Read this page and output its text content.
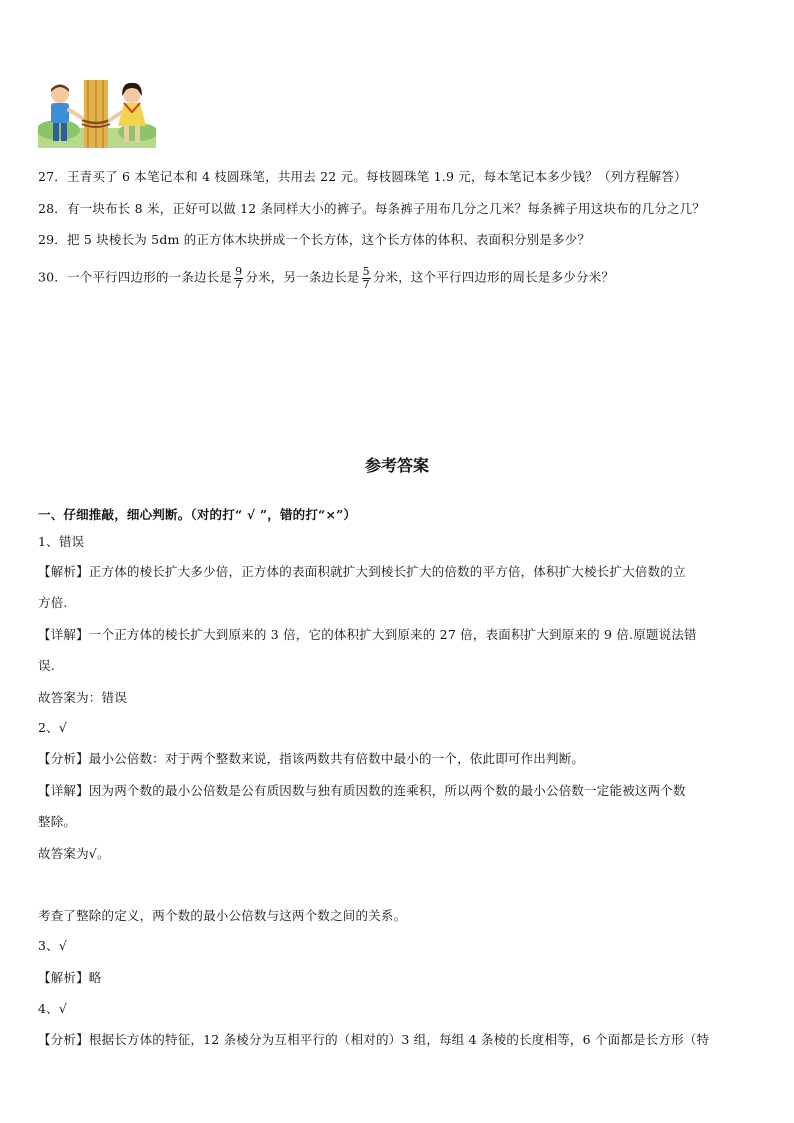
27．王青买了 6 本笔记本和 4 枝圆珠笔，共用去 22 元。每枝圆珠笔 1.9 元，每本笔记本多少钱？（列方程解答）
28．有一块布长 8 米，正好可以做 12 条同样大小的裤子。每条裤子用布几分之几米？每条裤子用这块布的几分之几？
29．把 5 块棱长为 5dm 的正方体木块拼成一个长方体，这个长方体的体积、表面积分别是多少？
30．一个平行四边形的一条边长是 $\frac{9}{7}$ 分米，另一条边长是 $\frac{5}{7}$ 分米，这个平行四边形的周长是多少分米？
参考答案
一、仔细推敲，细心判断。（对的打“ √ ”，错的打“×”）
1、错误
【解析】正方体的棱长扩大多少倍，正方体的表面积就扩大到棱长扩大的倍数的平方倍，体积扩大棱长扩大倍数的立
方倍.
【详解】一个正方体的棱长扩大到原来的 3 倍，它的体积扩大到原来的 27 倍，表面积扩大到原来的 9 倍.原题说法错
误.
故答案为：错误
2、√
【分析】最小公倍数：对于两个整数来说，指该两数共有倍数中最小的一个，依此即可作出判断。
【详解】因为两个数的最小公倍数是公有质因数与独有质因数的连乘积，所以两个数的最小公倍数一定能被这两个数
整除。
故答案为√。
考查了整除的定义，两个数的最小公倍数与这两个数之间的关系。
3、√
【解析】略
4、√
【分析】根据长方体的特征，12 条棱分为互相平行的（相对的）3 组，每组 4 条棱的长度相等，6 个面都是长方形（特
